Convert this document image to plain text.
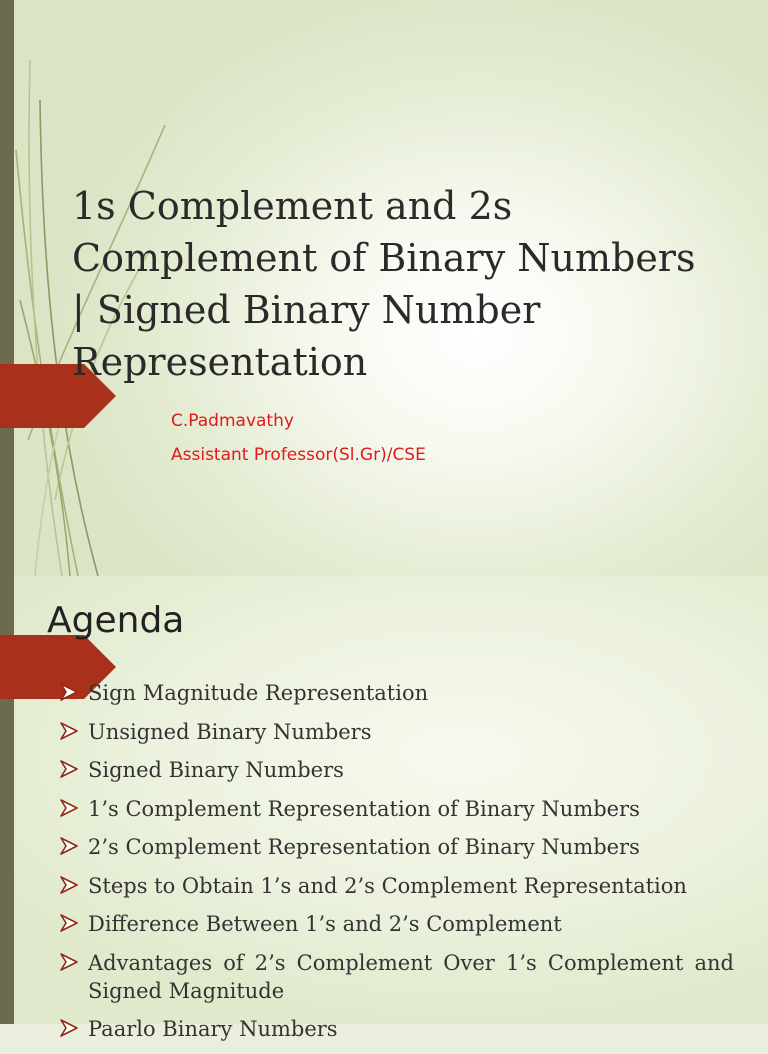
1s Complement and 2s Complement of Binary Numbers | Signed Binary Number Representation
C.Padmavathy
Assistant Professor(Sl.Gr)/CSE
Agenda
Sign Magnitude Representation
Unsigned Binary Numbers
Signed Binary Numbers
1’s Complement Representation of Binary Numbers
2’s Complement Representation of Binary Numbers
Steps to Obtain 1’s and 2’s Complement Representation
Difference Between 1’s and 2’s Complement
Advantages of 2’s Complement Over 1’s Complement and Signed Magnitude
Paarlo Binary Numbers
